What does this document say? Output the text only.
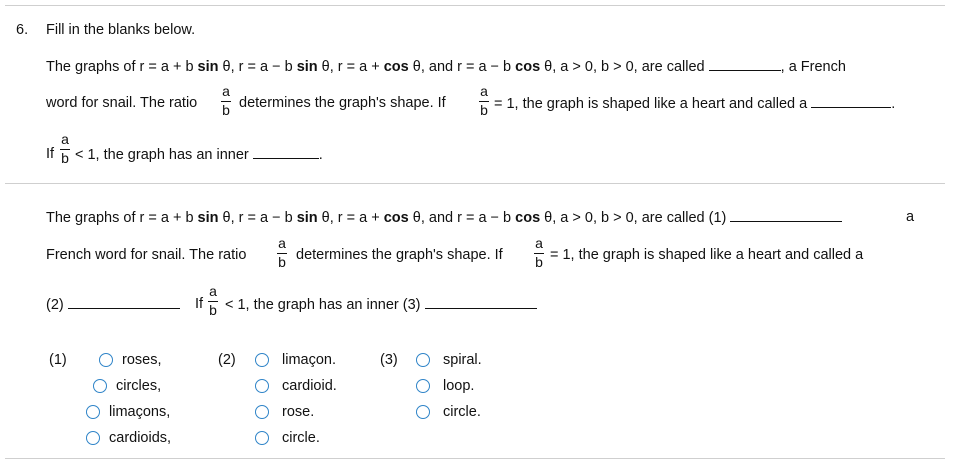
6. Fill in the blanks below.
The graphs of r = a + b sin θ, r = a − b sin θ, r = a + cos θ, and r = a − b cos θ, a > 0, b > 0, are called	, a French
word for snail. The ratio
a
b determines the graph's shape. If
a
b = 1, the graph is shaped like a heart and called a	.
If
a
b < 1, the graph has an inner	.
The graphs of r = a + b sin θ, r = a − b sin θ, r = a + cos θ, and r = a − b cos θ, a > 0, b > 0, are called (1)	a
French word for snail. The ratio
a
b determines the graph's shape. If
a
b = 1, the graph is shaped like a heart and called a
(2)	If
a
b < 1, the graph has an inner (3)
(1)	roses,
circles,
limaçons,
cardioids,
(2)	limaçon.
cardioid.
rose.
circle.
(3)	spiral.
loop.
circle.
